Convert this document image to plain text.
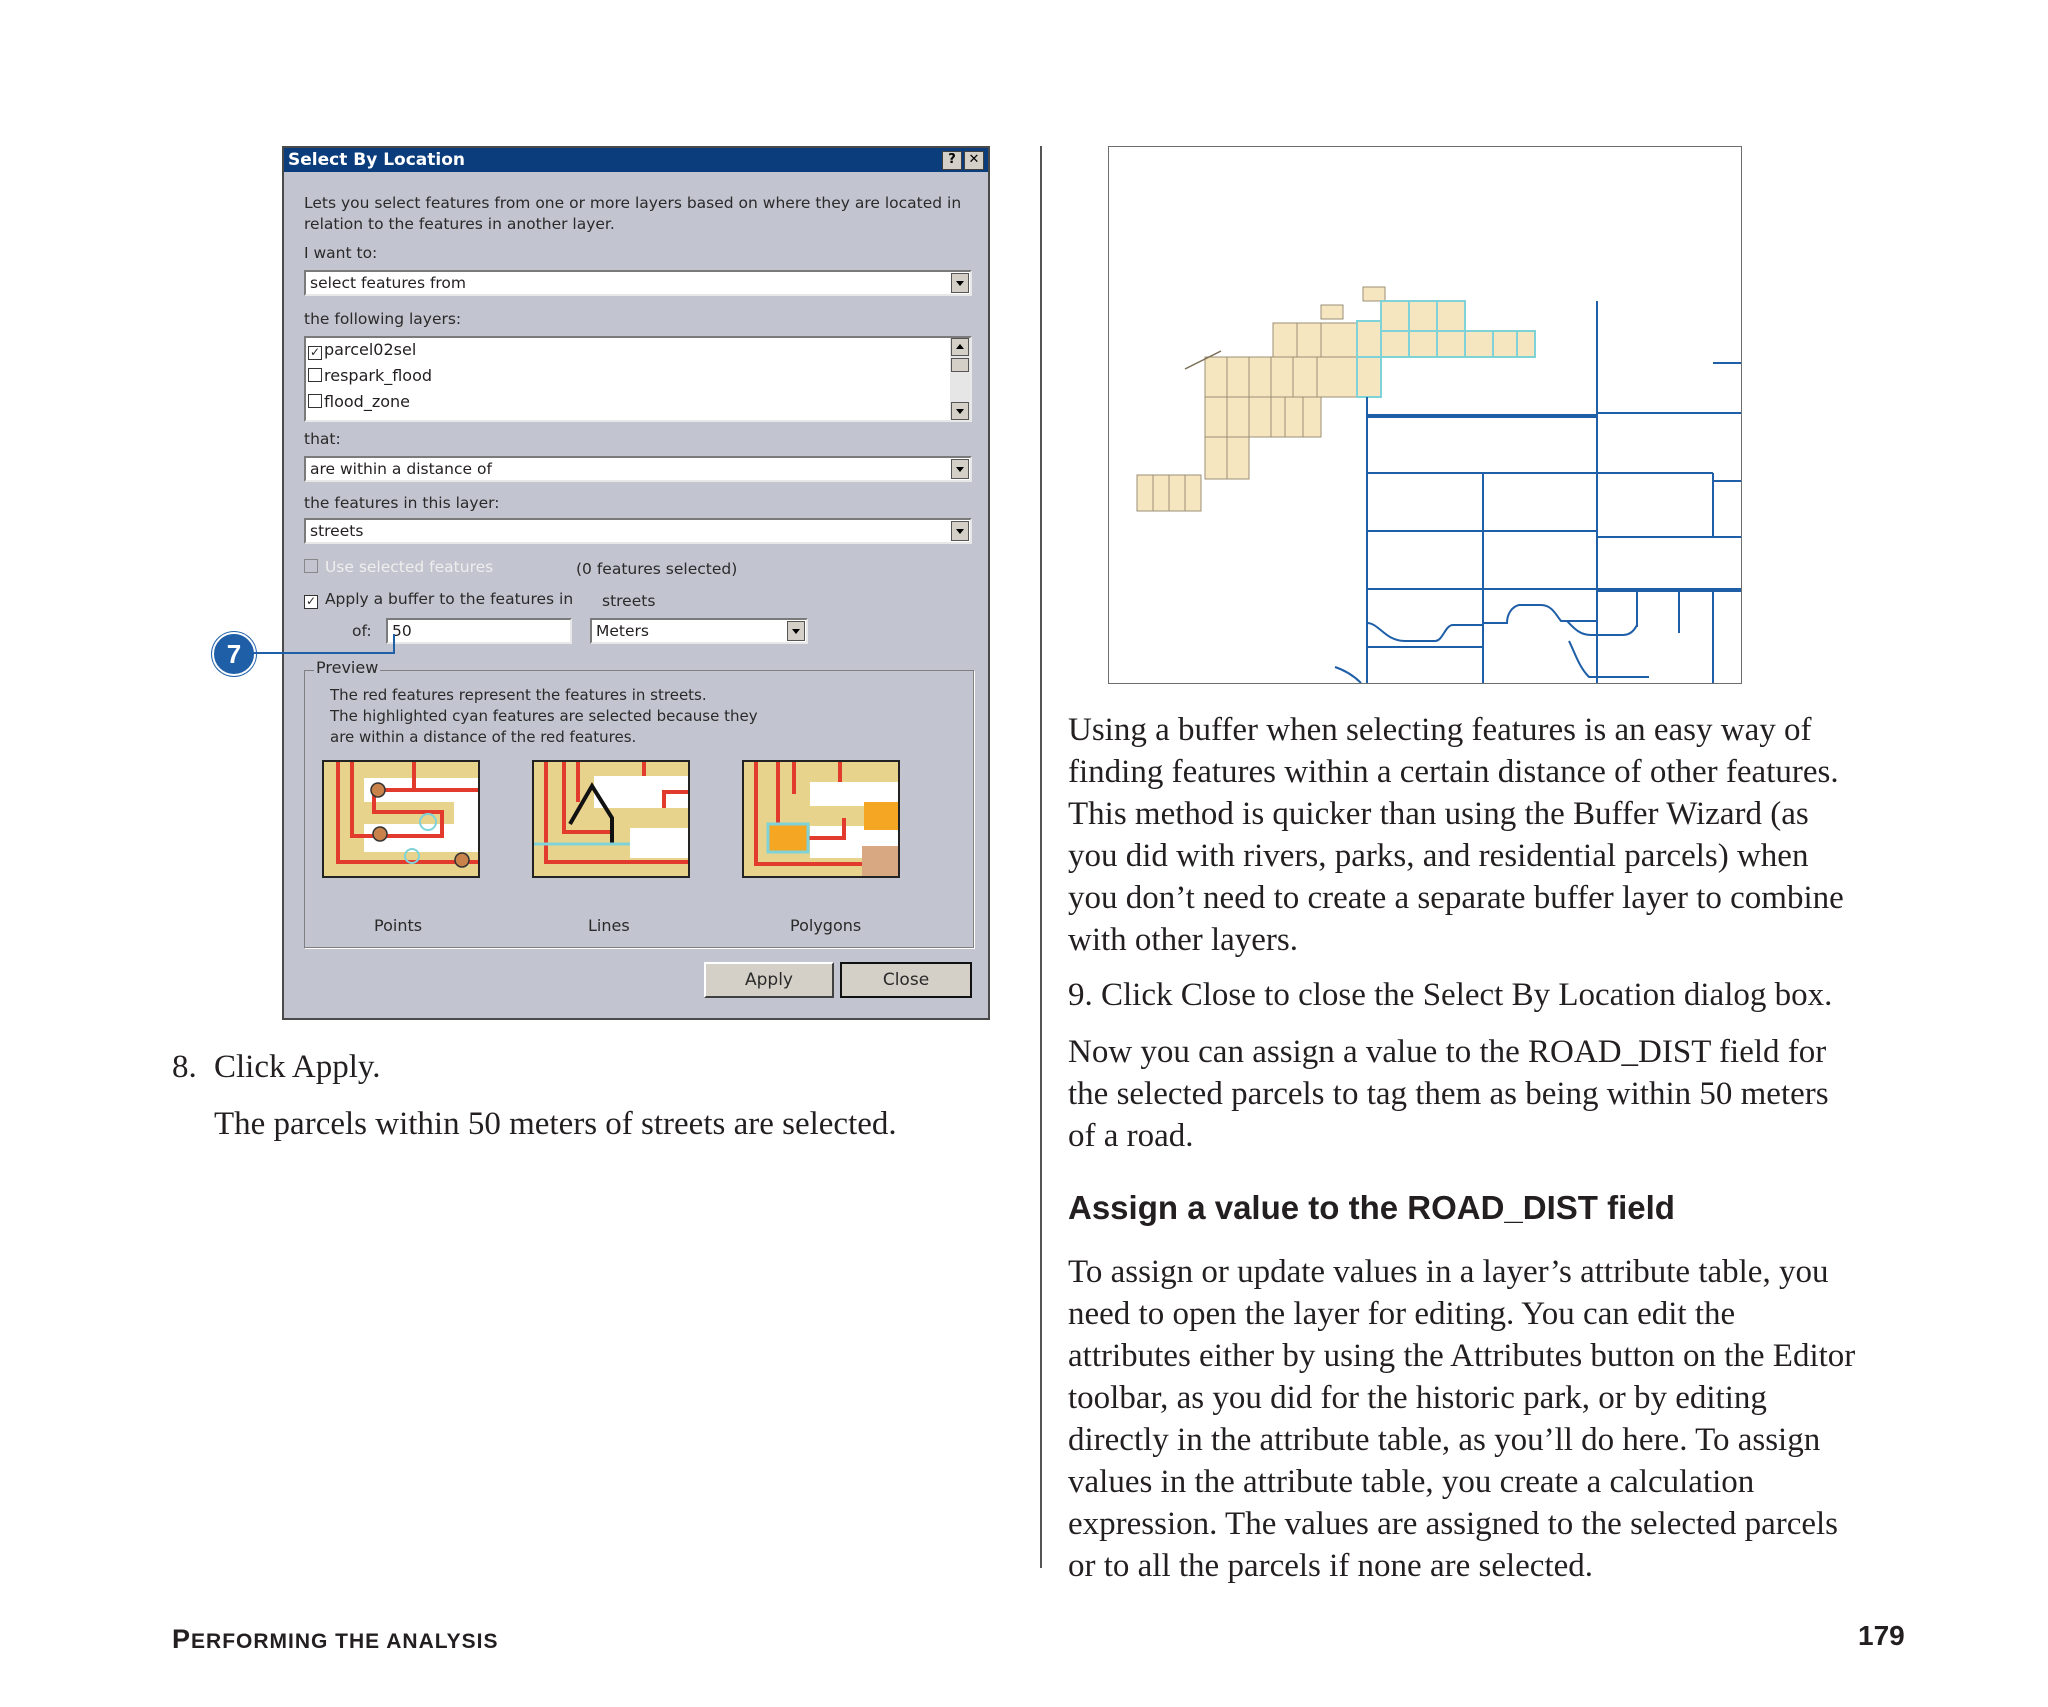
Select By Location	? ✕
Lets you select features from one or more layers based on where they are located in
relation to the features in another layer.
I want to:
select features from
the following layers:
✓ parcel02sel
respark_flood
flood_zone
that:
are within a distance of
the features in this layer:
streets
Use selected features	(0 features selected)
✓ Apply a buffer to the features in streets
of:	50	Meters
Preview
The red features represent the features in streets.
The highlighted cyan features are selected because they
are within a distance of the red features.
Points	Lines	Polygons
Apply	Close
7
8. Click Apply.
The parcels within 50 meters of streets are selected.
Using a buffer when selecting features is an easy way of
finding features within a certain distance of other features.
This method is quicker than using the Buffer Wizard (as
you did with rivers, parks, and residential parcels) when
you don’t need to create a separate buffer layer to combine
with other layers.
9. Click Close to close the Select By Location dialog box.
Now you can assign a value to the ROAD_DIST field for
the selected parcels to tag them as being within 50 meters
of a road.
Assign a value to the ROAD_DIST field
To assign or update values in a layer’s attribute table, you
need to open the layer for editing. You can edit the
attributes either by using the Attributes button on the Editor
toolbar, as you did for the historic park, or by editing
directly in the attribute table, as you’ll do here. To assign
values in the attribute table, you create a calculation
expression. The values are assigned to the selected parcels
or to all the parcels if none are selected.
PERFORMING THE ANALYSIS	179
